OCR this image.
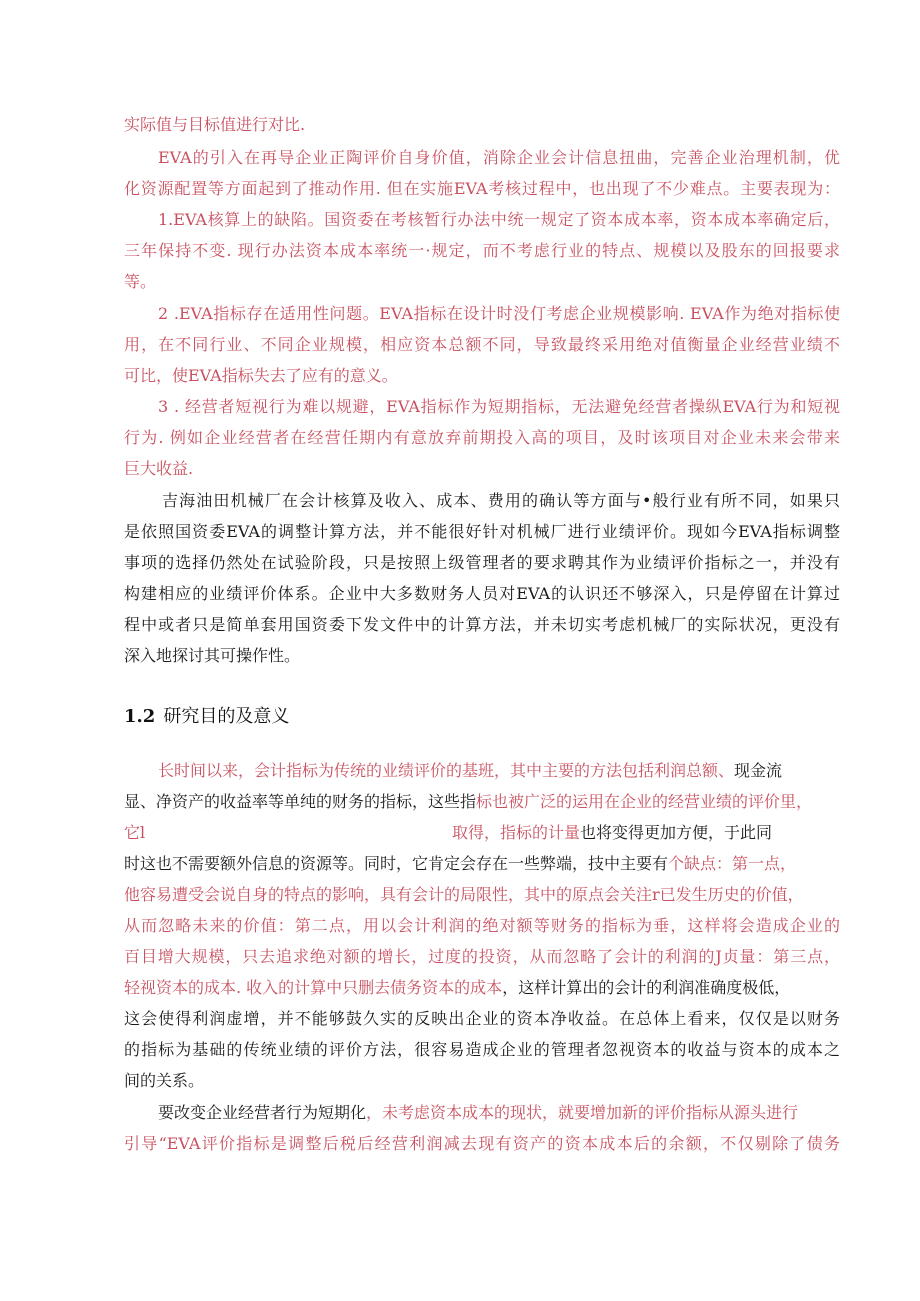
实际值与目标值进行对比.
EVA的引入在再导企业正陶评价自身价值，消除企业会计信息扭曲，完善企业治理机制，优
化资源配置等方面起到了推动作用. 但在实施EVA考核过程中，也出现了不少难点。主要表现为：
1.EVA核算上的缺陷。国资委在考核暂行办法中统一规定了资本成本率，资本成本率确定后，
三年保持不变. 现行办法资本成本率统一·规定，而不考虑行业的特点、规模以及股东的回报要求
等。
2 .EVA指标存在适用性问题。EVA指标在设计时没仃考虑企业规模影响. EVA作为绝对指标使
用，在不同行业、不同企业规模，相应资本总额不同，导致最终采用绝对值衡量企业经营业绩不
可比，使EVA指标失去了应有的意义。
3 . 经营者短视行为难以规避，EVA指标作为短期指标，无法避免经营者操纵EVA行为和短视
行为. 例如企业经营者在经营任期内有意放弃前期投入高的项目，及时该项目对企业未来会带来
巨大收益.
吉海油田机械厂在会计核算及收入、成本、费用的确认等方面与•般行业有所不同，如果只
是依照国资委EVA的调整计算方法，并不能很好针对机械厂进行业绩评价。现如今EVA指标调整
事项的选择仍然处在试验阶段，只是按照上级管理者的要求聘其作为业绩评价指标之一，并没有
构建相应的业绩评价体系。企业中大多数财务人员对EVA的认识还不够深入，只是停留在计算过
程中或者只是简单套用国资委下发文件中的计算方法，并未切实考虑机械厂的实际状况，更没有
深入地探讨其可操作性。
1.2 研究目的及意义
长时间以来，会计指标为传统的业绩评价的基班，其中主要的方法包括利润总额、现金流
显、净资产的收益率等单纯的财务的指标，这些指标也被广泛的运用在企业的经营业绩的评价里，
它l	取得，指标的计量也将变得更加方便，于此同
时这也不需要额外信息的资源等。同时，它肯定会存在一些弊端，技中主要有个缺点：第一点，
他容易遭受会说自身的特点的影响，具有会计的局限性，其中的原点会关注r已发生历史的价值，
从而忽略未来的价值：第二点，用以会计利润的绝对额等财务的指标为垂，这样将会造成企业的
百目增大规模，只去追求绝对额的增长，过度的投资，从而忽略了会计的利润的J贞量：第三点，
轻视资本的成本. 收入的计算中只删去债务资本的成本，这样计算出的会计的利润准确度极低，
这会使得利润虚增，并不能够鼓久实的反映出企业的资本净收益。在总体上看来，仅仅是以财务
的指标为基础的传统业绩的评价方法，很容易造成企业的管理者忽视资本的收益与资本的成本之
间的关系。
要改变企业经营者行为短期化，未考虑资本成本的现状，就要增加新的评价指标从源头进行
引导“EVA评价指标是调整后税后经营利润减去现有资产的资本成本后的余额，不仅剔除了债务
